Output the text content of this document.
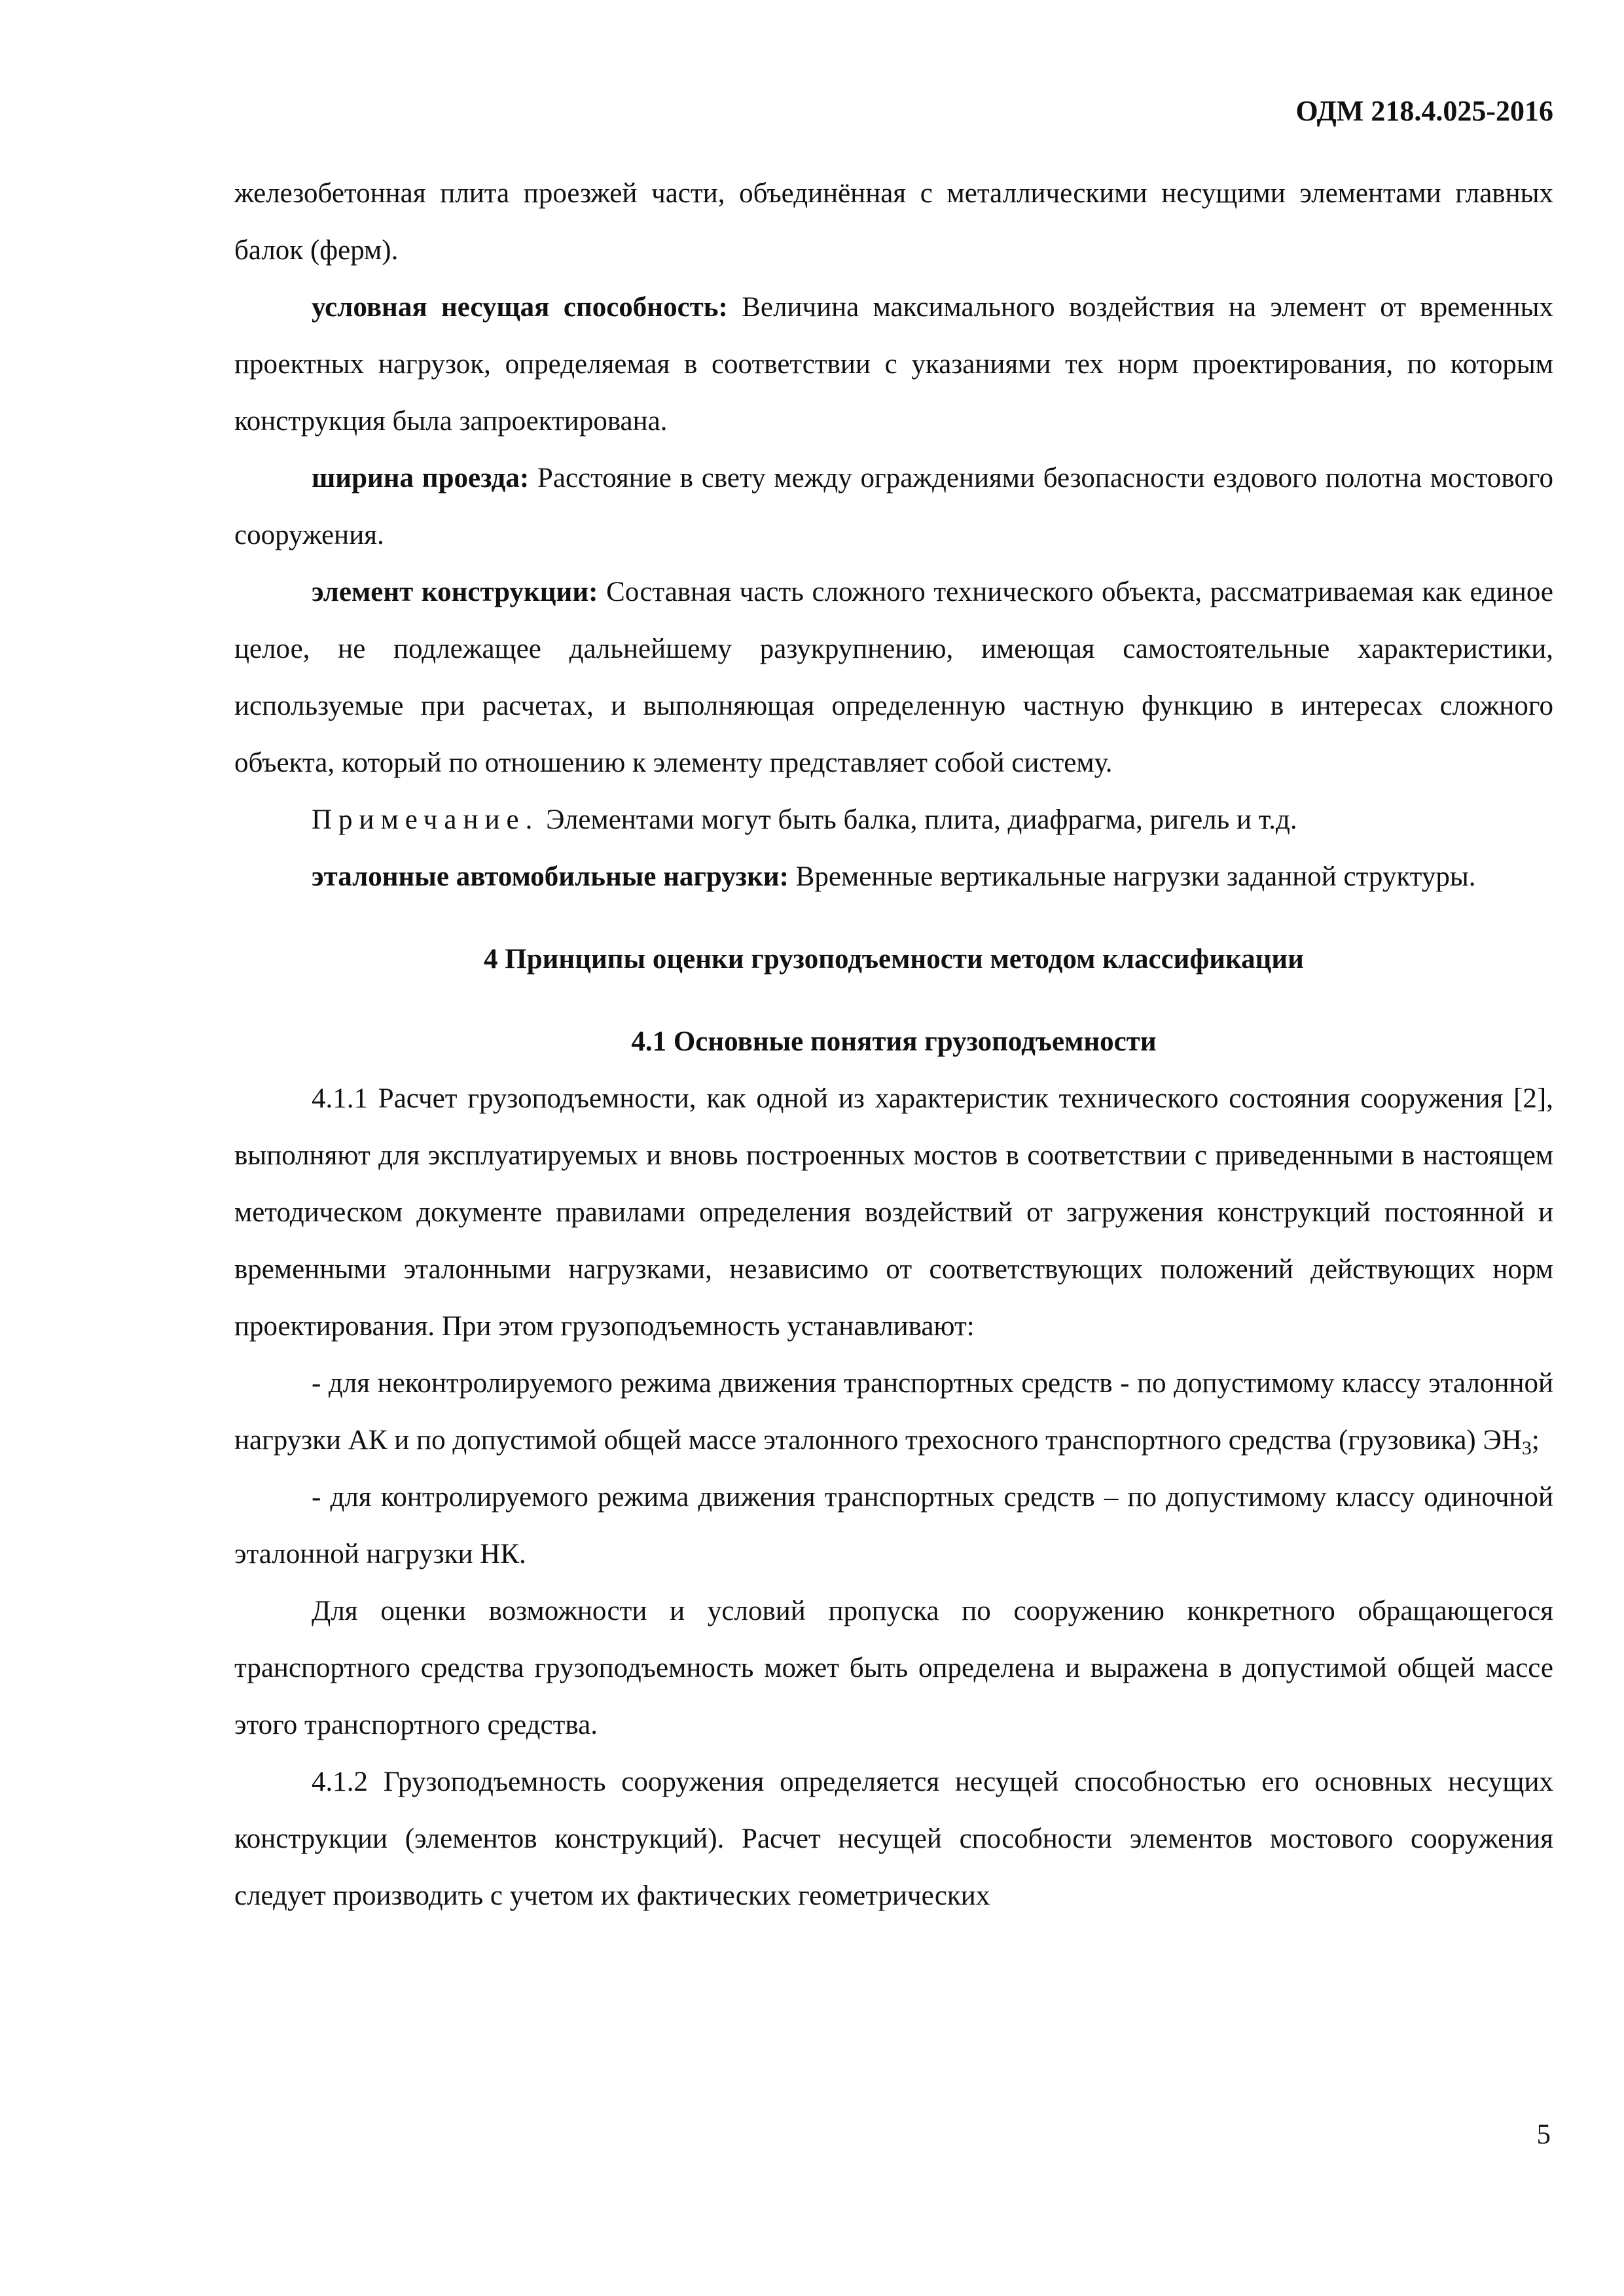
ОДМ 218.4.025-2016

железобетонная плита проезжей части, объединённая с металлическими несущими элементами главных балок (ферм).

условная несущая способность: Величина максимального воздействия на элемент от временных проектных нагрузок, определяемая в соответствии с указаниями тех норм проектирования, по которым конструкция была запроектирована.

ширина проезда: Расстояние в свету между ограждениями безопасности ездового полотна мостового сооружения.

элемент конструкции: Составная часть сложного технического объекта, рассматриваемая как единое целое, не подлежащее дальнейшему разукрупнению, имеющая самостоятельные характеристики, используемые при расчетах, и выполняющая определенную частную функцию в интересах сложного объекта, который по отношению к элементу представляет собой систему.

Примечание. Элементами могут быть балка, плита, диафрагма, ригель и т.д.

эталонные автомобильные нагрузки: Временные вертикальные нагрузки заданной структуры.

4 Принципы оценки грузоподъемности методом классификации
4.1 Основные понятия грузоподъемности

4.1.1 Расчет грузоподъемности, как одной из характеристик технического состояния сооружения [2], выполняют для эксплуатируемых и вновь построенных мостов в соответствии с приведенными в настоящем методическом документе правилами определения воздействий от загружения конструкций постоянной и временными эталонными нагрузками, независимо от соответствующих положений действующих норм проектирования. При этом грузоподъемность устанавливают:

- для неконтролируемого режима движения транспортных средств - по допустимому классу эталонной нагрузки АК и по допустимой общей массе эталонного трехосного транспортного средства (грузовика) $ЭН_3$;

- для контролируемого режима движения транспортных средств – по допустимому классу одиночной эталонной нагрузки НК.

Для оценки возможности и условий пропуска по сооружению конкретного обращающегося транспортного средства грузоподъемность может быть определена и выражена в допустимой общей массе этого транспортного средства.

4.1.2 Грузоподъемность сооружения определяется несущей способностью его основных несущих конструкции (элементов конструкций). Расчет несущей способности элементов мостового сооружения следует производить с учетом их фактических геометрических

5
